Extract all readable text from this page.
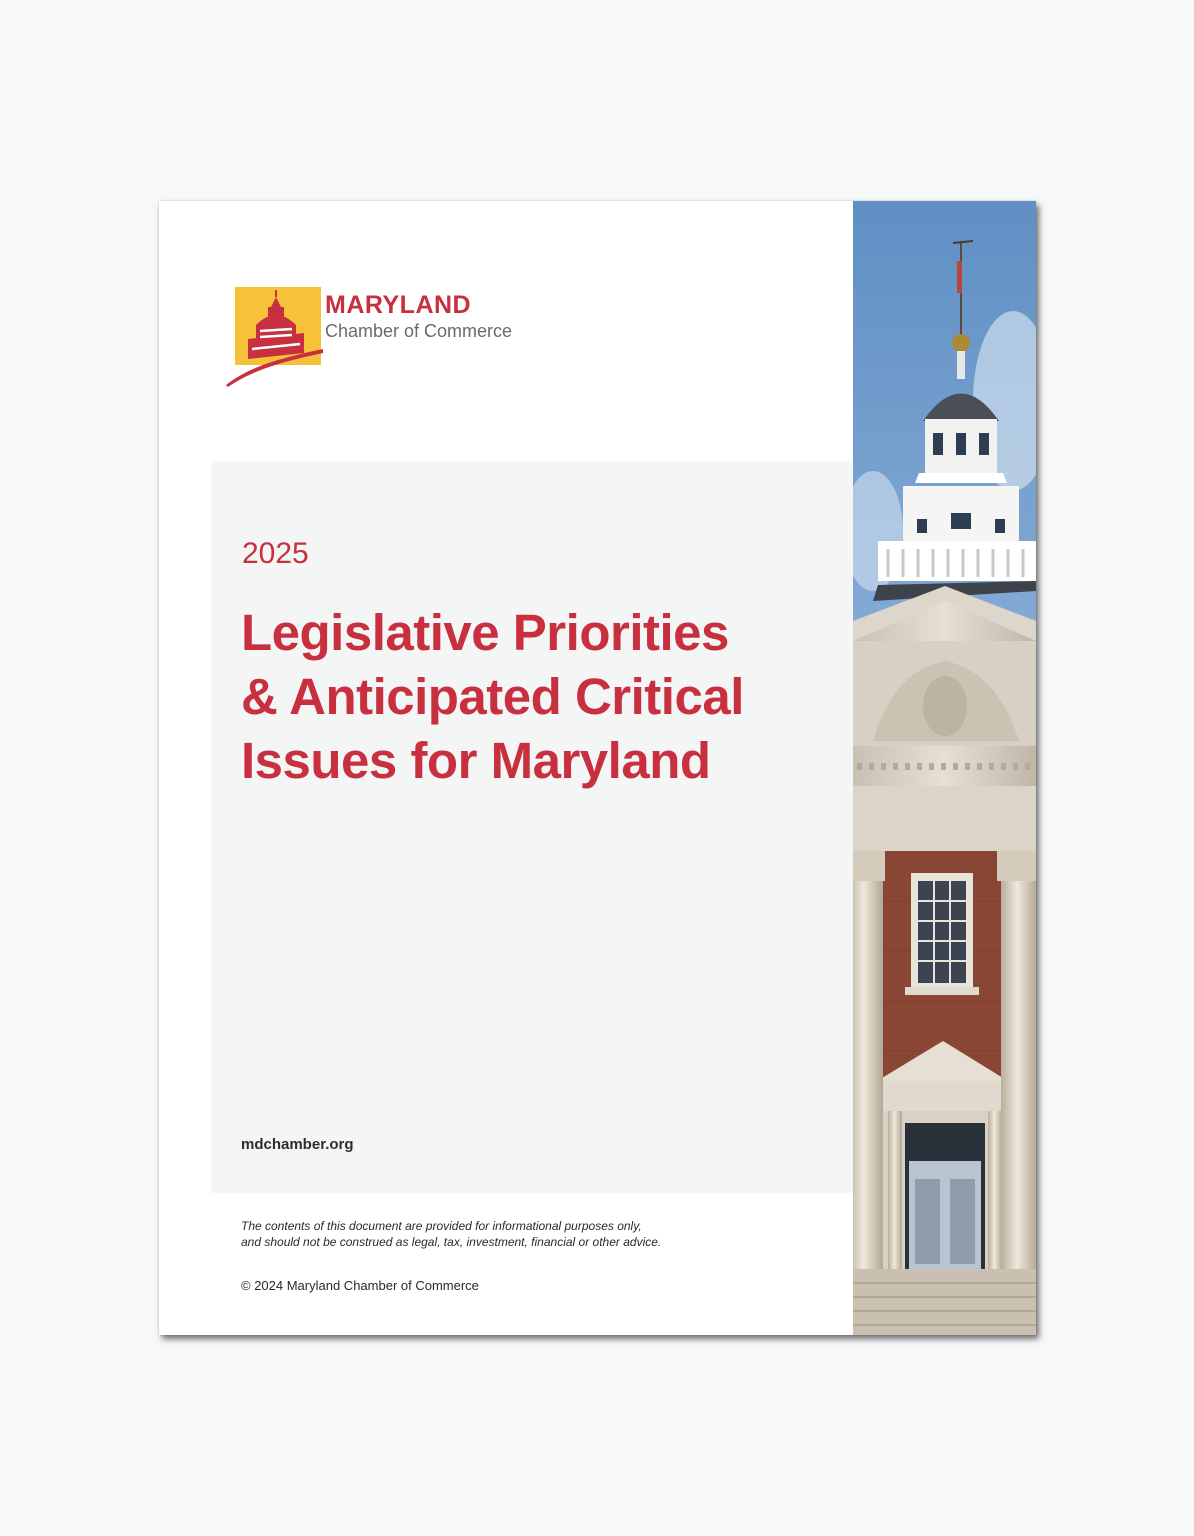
MARYLAND
Chamber of Commerce
2025
Legislative Priorities
& Anticipated Critical
Issues for Maryland
mdchamber.org
The contents of this document are provided for informational purposes only,
and should not be construed as legal, tax, investment, financial or other advice.
© 2024 Maryland Chamber of Commerce
